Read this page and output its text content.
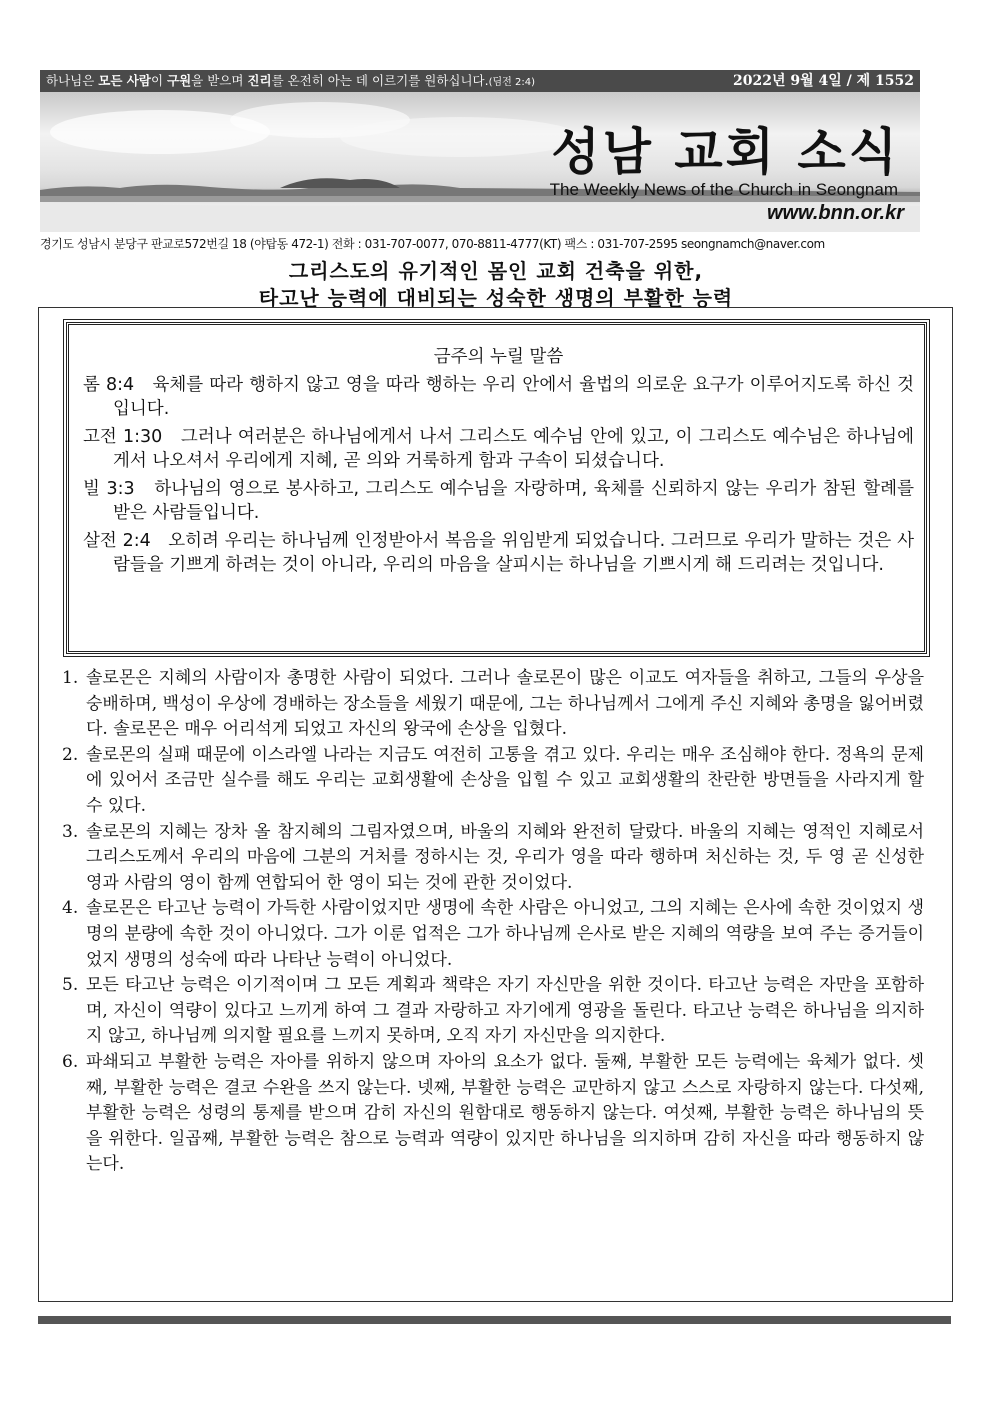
하나님은 모든 사람이 구원을 받으며 진리를 온전히 아는 데 이르기를 원하십니다.(딤전 2:4)	2022년 9월 4일 / 제 1552
성남 교회 소식
The Weekly News of the Church in Seongnam
www.bnn.or.kr
경기도 성남시 분당구 판교로572번길 18 (야탑동 472-1) 전화 : 031-707-0077, 070-8811-4777(KT) 팩스 : 031-707-2595 seongnamch@naver.com
그리스도의 유기적인 몸인 교회 건축을 위한,
타고난 능력에 대비되는 성숙한 생명의 부활한 능력
금주의 누릴 말씀
롬 8:4 육체를 따라 행하지 않고 영을 따라 행하는 우리 안에서 율법의 의로운 요구가 이루어지도록 하신 것입니다.
고전 1:30 그러나 여러분은 하나님에게서 나서 그리스도 예수님 안에 있고, 이 그리스도 예수님은 하나님에게서 나오셔서 우리에게 지혜, 곧 의와 거룩하게 함과 구속이 되셨습니다.
빌 3:3 하나님의 영으로 봉사하고, 그리스도 예수님을 자랑하며, 육체를 신뢰하지 않는 우리가 참된 할례를 받은 사람들입니다.
살전 2:4 오히려 우리는 하나님께 인정받아서 복음을 위임받게 되었습니다. 그러므로 우리가 말하는 것은 사람들을 기쁘게 하려는 것이 아니라, 우리의 마음을 살피시는 하나님을 기쁘시게 해 드리려는 것입니다.
1. 솔로몬은 지혜의 사람이자 총명한 사람이 되었다. 그러나 솔로몬이 많은 이교도 여자들을 취하고, 그들의 우상을 숭배하며, 백성이 우상에 경배하는 장소들을 세웠기 때문에, 그는 하나님께서 그에게 주신 지혜와 총명을 잃어버렸다. 솔로몬은 매우 어리석게 되었고 자신의 왕국에 손상을 입혔다.
2. 솔로몬의 실패 때문에 이스라엘 나라는 지금도 여전히 고통을 겪고 있다. 우리는 매우 조심해야 한다. 정욕의 문제에 있어서 조금만 실수를 해도 우리는 교회생활에 손상을 입힐 수 있고 교회생활의 찬란한 방면들을 사라지게 할 수 있다.
3. 솔로몬의 지혜는 장차 올 참지혜의 그림자였으며, 바울의 지혜와 완전히 달랐다. 바울의 지혜는 영적인 지혜로서 그리스도께서 우리의 마음에 그분의 거처를 정하시는 것, 우리가 영을 따라 행하며 처신하는 것, 두 영 곧 신성한 영과 사람의 영이 함께 연합되어 한 영이 되는 것에 관한 것이었다.
4. 솔로몬은 타고난 능력이 가득한 사람이었지만 생명에 속한 사람은 아니었고, 그의 지혜는 은사에 속한 것이었지 생명의 분량에 속한 것이 아니었다. 그가 이룬 업적은 그가 하나님께 은사로 받은 지혜의 역량을 보여 주는 증거들이었지 생명의 성숙에 따라 나타난 능력이 아니었다.
5. 모든 타고난 능력은 이기적이며 그 모든 계획과 책략은 자기 자신만을 위한 것이다. 타고난 능력은 자만을 포함하며, 자신이 역량이 있다고 느끼게 하여 그 결과 자랑하고 자기에게 영광을 돌린다. 타고난 능력은 하나님을 의지하지 않고, 하나님께 의지할 필요를 느끼지 못하며, 오직 자기 자신만을 의지한다.
6. 파쇄되고 부활한 능력은 자아를 위하지 않으며 자아의 요소가 없다. 둘째, 부활한 모든 능력에는 육체가 없다. 셋째, 부활한 능력은 결코 수완을 쓰지 않는다. 넷째, 부활한 능력은 교만하지 않고 스스로 자랑하지 않는다. 다섯째, 부활한 능력은 성령의 통제를 받으며 감히 자신의 원함대로 행동하지 않는다. 여섯째, 부활한 능력은 하나님의 뜻을 위한다. 일곱째, 부활한 능력은 참으로 능력과 역량이 있지만 하나님을 의지하며 감히 자신을 따라 행동하지 않는다.
